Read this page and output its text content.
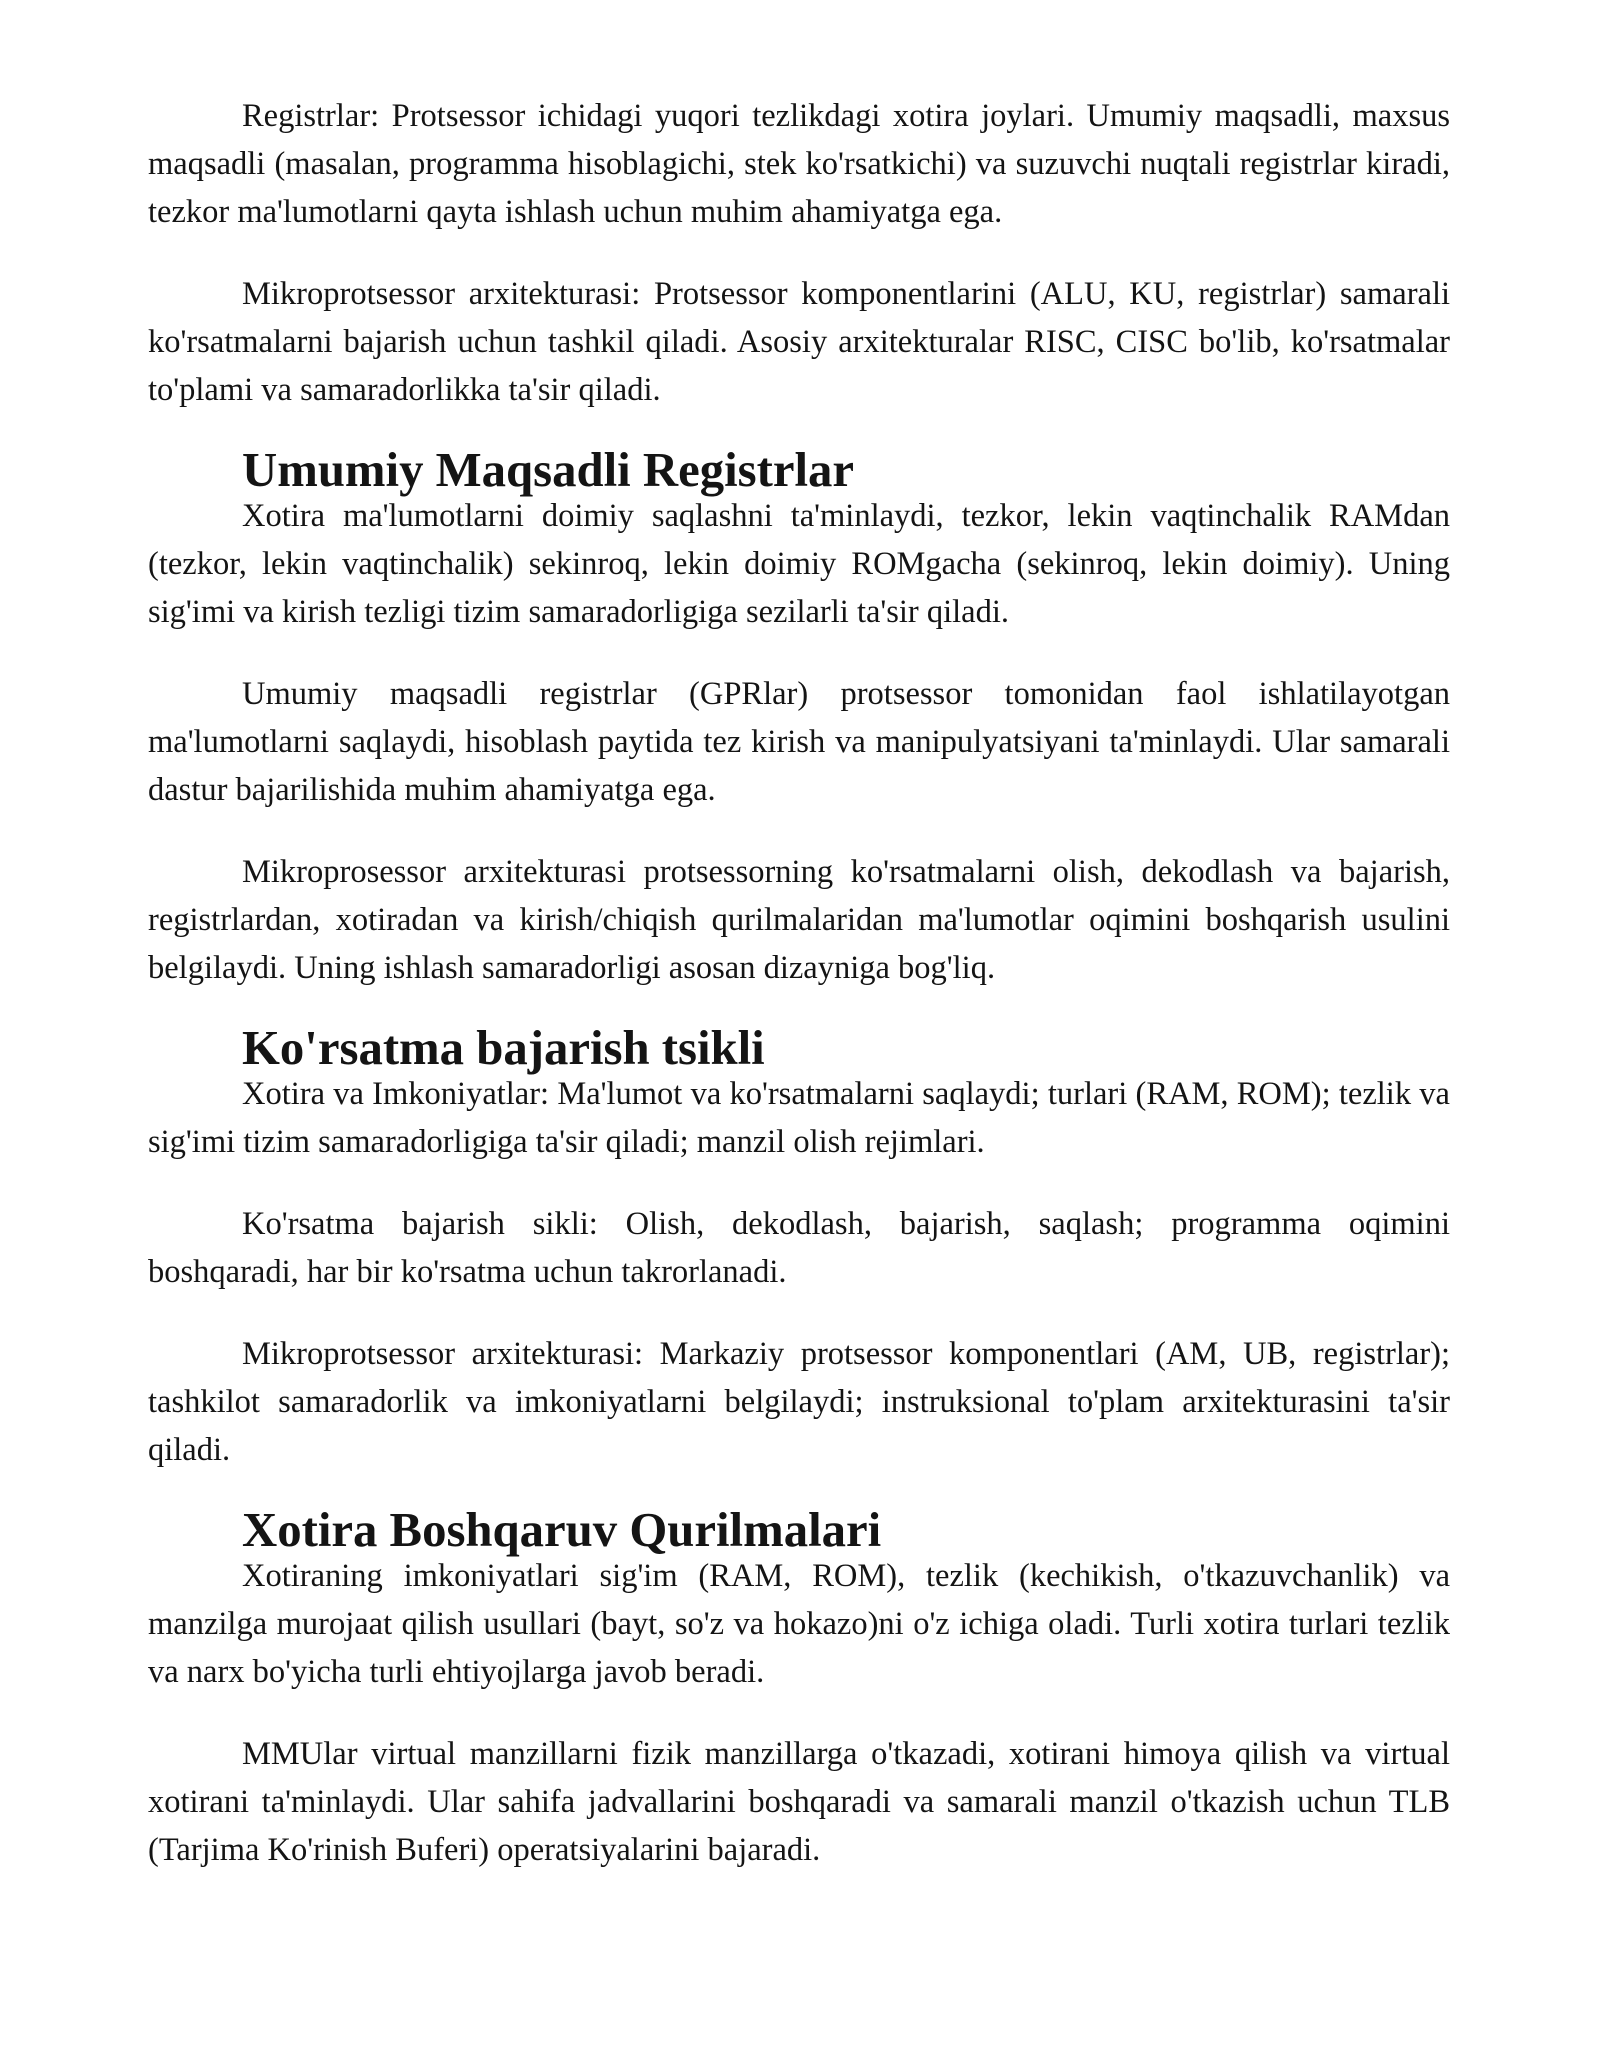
Registrlar: Protsessor ichidagi yuqori tezlikdagi xotira joylari. Umumiy maqsadli, maxsus maqsadli (masalan, programma hisoblagichi, stek ko'rsatkichi) va suzuvchi nuqtali registrlar kiradi, tezkor ma'lumotlarni qayta ishlash uchun muhim ahamiyatga ega.

Mikroprotsessor arxitekturasi: Protsessor komponentlarini (ALU, KU, registrlar) samarali ko'rsatmalarni bajarish uchun tashkil qiladi. Asosiy arxitekturalar RISC, CISC bo'lib, ko'rsatmalar to'plami va samaradorlikka ta'sir qiladi.

Umumiy Maqsadli Registrlar

Xotira ma'lumotlarni doimiy saqlashni ta'minlaydi, tezkor, lekin vaqtinchalik RAMdan (tezkor, lekin vaqtinchalik) sekinroq, lekin doimiy ROMgacha (sekinroq, lekin doimiy). Uning sig'imi va kirish tezligi tizim samaradorligiga sezilarli ta'sir qiladi.

Umumiy maqsadli registrlar (GPRlar) protsessor tomonidan faol ishlatilayotgan ma'lumotlarni saqlaydi, hisoblash paytida tez kirish va manipulyatsiyani ta'minlaydi. Ular samarali dastur bajarilishida muhim ahamiyatga ega.

Mikroprosessor arxitekturasi protsessorning ko'rsatmalarni olish, dekodlash va bajarish, registrlardan, xotiradan va kirish/chiqish qurilmalaridan ma'lumotlar oqimini boshqarish usulini belgilaydi. Uning ishlash samaradorligi asosan dizayniga bog'liq.

Ko'rsatma bajarish tsikli

Xotira va Imkoniyatlar: Ma'lumot va ko'rsatmalarni saqlaydi; turlari (RAM, ROM); tezlik va sig'imi tizim samaradorligiga ta'sir qiladi; manzil olish rejimlari.

Ko'rsatma bajarish sikli: Olish, dekodlash, bajarish, saqlash; programma oqimini boshqaradi, har bir ko'rsatma uchun takrorlanadi.

Mikroprotsessor arxitekturasi: Markaziy protsessor komponentlari (AM, UB, registrlar); tashkilot samaradorlik va imkoniyatlarni belgilaydi; instruksional to'plam arxitekturasini ta'sir qiladi.

Xotira Boshqaruv Qurilmalari

Xotiraning imkoniyatlari sig'im (RAM, ROM), tezlik (kechikish, o'tkazuvchanlik) va manzilga murojaat qilish usullari (bayt, so'z va hokazo)ni o'z ichiga oladi. Turli xotira turlari tezlik va narx bo'yicha turli ehtiyojlarga javob beradi.

MMUlar virtual manzillarni fizik manzillarga o'tkazadi, xotirani himoya qilish va virtual xotirani ta'minlaydi. Ular sahifa jadvallarini boshqaradi va samarali manzil o'tkazish uchun TLB (Tarjima Ko'rinish Buferi) operatsiyalarini bajaradi.
